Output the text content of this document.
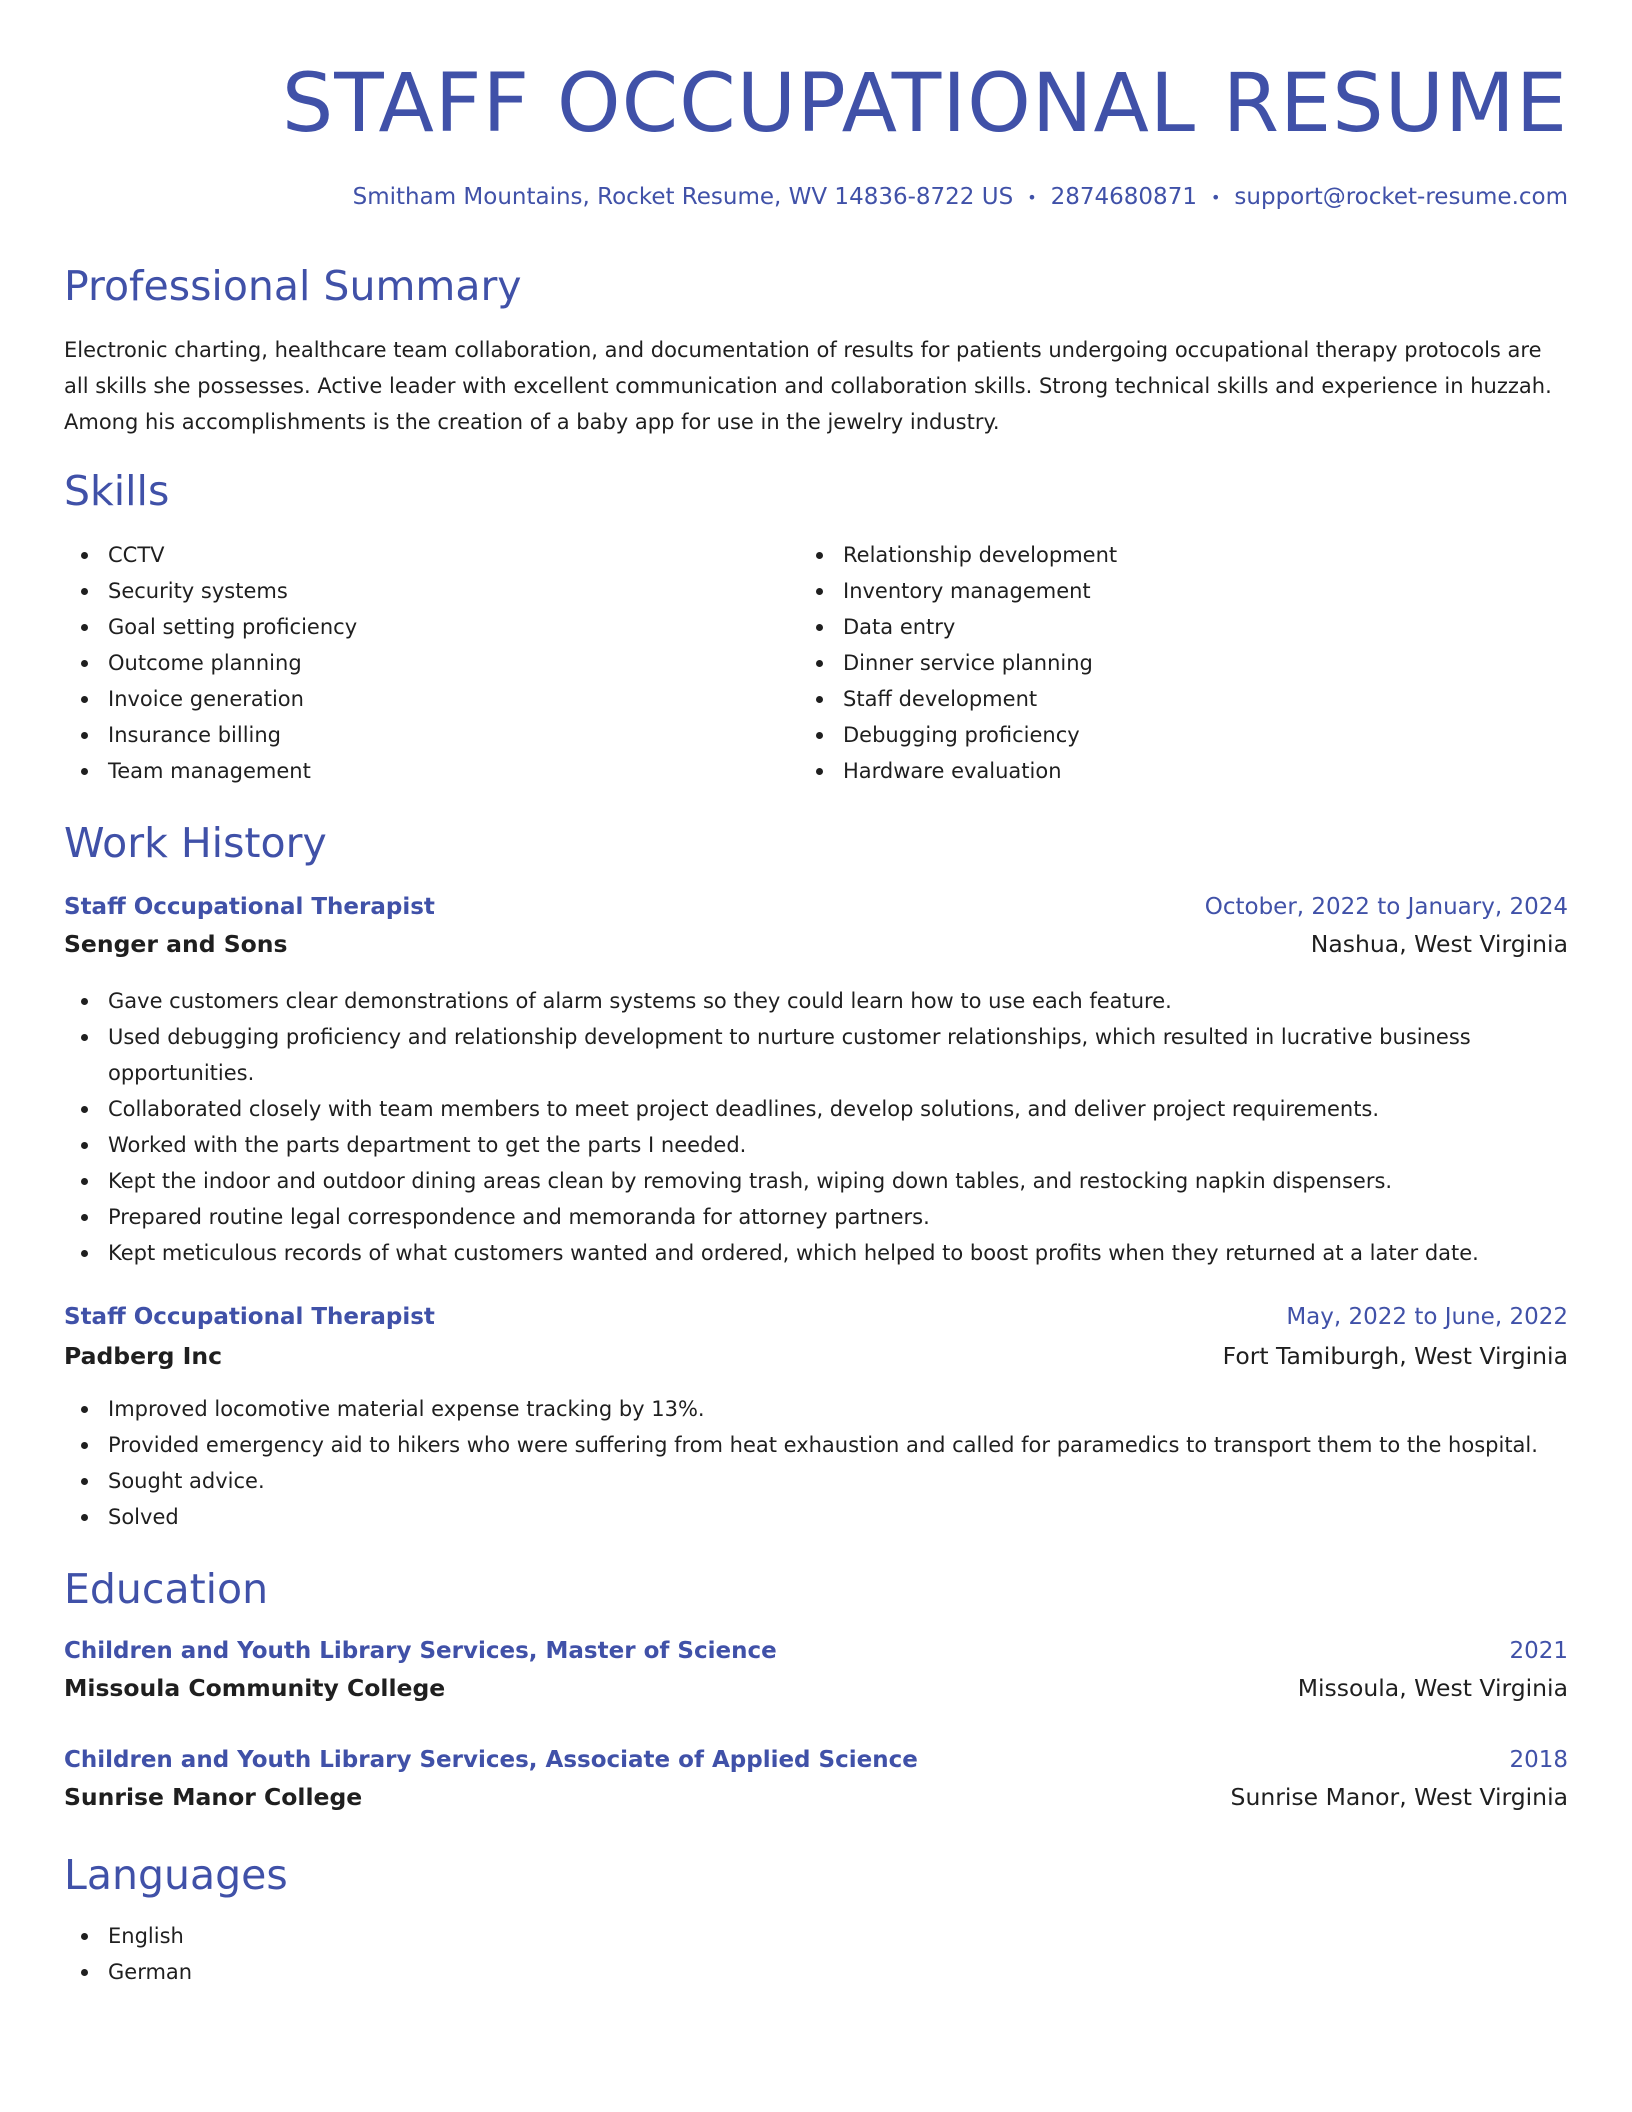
STAFF OCCUPATIONAL RESUME
Smitham Mountains, Rocket Resume, WV 14836-8722 US • 2874680871 • support@rocket-resume.com
Professional Summary
Electronic charting, healthcare team collaboration, and documentation of results for patients undergoing occupational therapy protocols are all skills she possesses. Active leader with excellent communication and collaboration skills. Strong technical skills and experience in huzzah. Among his accomplishments is the creation of a baby app for use in the jewelry industry.
Skills
CCTV
Security systems
Goal setting proficiency
Outcome planning
Invoice generation
Insurance billing
Team management
Relationship development
Inventory management
Data entry
Dinner service planning
Staff development
Debugging proficiency
Hardware evaluation
Work History
Staff Occupational Therapist	October, 2022 to January, 2024
Senger and Sons	Nashua, West Virginia
Gave customers clear demonstrations of alarm systems so they could learn how to use each feature.
Used debugging proficiency and relationship development to nurture customer relationships, which resulted in lucrative business opportunities.
Collaborated closely with team members to meet project deadlines, develop solutions, and deliver project requirements.
Worked with the parts department to get the parts I needed.
Kept the indoor and outdoor dining areas clean by removing trash, wiping down tables, and restocking napkin dispensers.
Prepared routine legal correspondence and memoranda for attorney partners.
Kept meticulous records of what customers wanted and ordered, which helped to boost profits when they returned at a later date.
Staff Occupational Therapist	May, 2022 to June, 2022
Padberg Inc	Fort Tamiburgh, West Virginia
Improved locomotive material expense tracking by 13%.
Provided emergency aid to hikers who were suffering from heat exhaustion and called for paramedics to transport them to the hospital.
Sought advice.
Solved
Education
Children and Youth Library Services, Master of Science	2021
Missoula Community College	Missoula, West Virginia
Children and Youth Library Services, Associate of Applied Science	2018
Sunrise Manor College	Sunrise Manor, West Virginia
Languages
English
German
